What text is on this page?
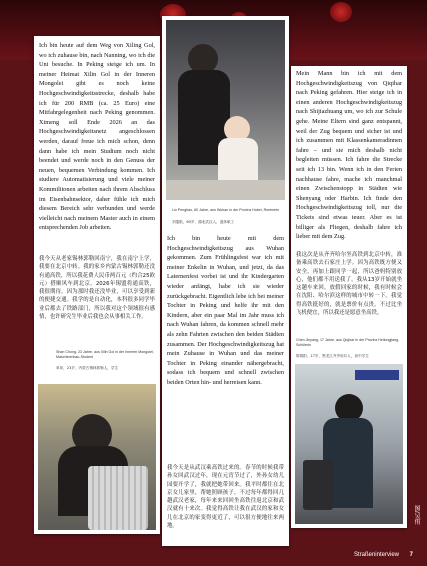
Ich bin heute auf dem Weg von Xiling Gol, wo ich zuhause bin, nach Nanning, wo ich die Uni besuche. In Peking steige ich um. In meiner Heimat Xilin Gol in der Inneren Mongolei gibt es noch keine Hochgeschwindigkeitsstrecke, deshalb habe ich für 200 RMB (ca. 25 Euro) eine Mitfahrgelegenheit nach Peking genommen. Ximeng soll Ende 2026 an das Hochgeschwindigkeitsnetz angeschlossen werden, darauf freue ich mich schon, denn dann habe ich mein Studium noch nicht beendet und werde noch in den Genuss der neuen, bequemen Verbindung kommen. Ich studiere Automatisierung und viele meiner Kommilitonen arbeiten nach ihrem Abschluss im Eisenbahnsektor, daher fühle ich mich diesem Bereich sehr verbunden und werde vielleicht nach meinem Master auch in einem entsprechenden Job arbeiten.
我今天从老家锡林郭勒回南宁，我在南宁上学，我要在北京中转。我的家乡内蒙古锡林郭勒还没有通高铁，所以我花费人民币两百元（约合25欧元）搭顺风车到北京。2026年锡盟将通高铁，我很期待，因为那时我还没毕业，可以享受到新的便捷交通。我学的是自动化，本科很多同学毕业后都去了铁路部门，所以我对这个领域很有感情，也许研究生毕业后我也会从事相关工作。
Shan Chong, 23 Jahre, aus Xilin Gol in der Inneren Mongolei, Maschinenbau-Student
单冲，23岁，内蒙古锡林郭勒人，学生
Liu Penghao, 60 Jahre, aus Wuhan in der Provinz Hubei, Rentnerin
刘蓬皓，60岁，湖北武汉人，退休职工
Ich bin heute mit dem Hochgeschwindigkeitszug aus Wuhan gekommen. Zum Frühlingsfest war ich mit meiner Enkelin in Wuhan, und jetzt, da das Laternenfest vorbei ist und ihr Kindergarten wieder anfängt, habe ich sie wieder zurückgebracht. Eigentlich lebe ich bei meiner Tochter in Peking und helfe ihr mit den Kindern, aber ein paar Mal im Jahr muss ich nach Wuhan fahren, da kommen schnell mehr als zehn Fahrten zwischen den beiden Städten zusammen. Der Hochgeschwindigkeitszug hat mein Zuhause in Wuhan und das meiner Tochter in Peking einander nähergebracht, sodass ich bequem und schnell zwischen beiden Orten hin- und herreisen kann.
我今天是从武汉乘高铁过来的。春节的时候我带孙女回武汉过年，现在元宵节过了，外孙女幼儿园要开学了，我就把她带回来。我平时都住在北京女儿家里，帮她照顾孩子，不过每年都得回几趟武汉老家，每年来来回回坐高铁往返北京和武汉就有十来次。我觉得高铁让我在武汉的家和女儿在北京的家变得更近了，可以很方便地往来两地。
Mein Mann bin ich mit dem Hochgeschwindigkeitszug von Qiqihar nach Peking gefahren. Hier steige ich in einen anderen Hochgeschwindigkeitszug nach Shijiazhuang um, wo ich zur Schule gehe. Meine Eltern sind ganz entspannt, weil der Zug bequem und sicher ist und ich zusammen mit Klassenkameradinnen fahre – und sie mich deshalb nicht begleiten müssen. Ich fahre die Strecke seit ich 13 bin. Wenn ich in den Ferien nachhause fahre, mache ich manchmal einen Zwischenstopp in Städten wie Shenyang oder Harbin. Ich finde den Hochgeschwindigkeitszug toll, nur die Tickets sind etwas teuer. Aber es ist billiger als Fliegen, deshalb fahre ich lieber mit dem Zug.
我这次是从齐齐哈尔坐高铁到北京中转，准备乘高铁去石家庄上学。因为高铁既方便又安全，再加上跟同学一起，所以爸妈特别放心，他们都不用送我了。我从13岁开始就坐这趟车来回。放假回家的时候，我有时候会在沈阳、哈尔滨这样的城市中转一下。我觉得高铁挺好的，就是票价有点贵。不过比坐飞机便宜，所以我还是愿意坐高铁。
Chen Jinyang, 17 Jahre, aus Qiqihar in der Provinz Heilongjiang, Schülerin
陈锦阳，17岁，黑龙江齐齐哈尔人，高中学生
图/吴侑
Straßeninterview 7
